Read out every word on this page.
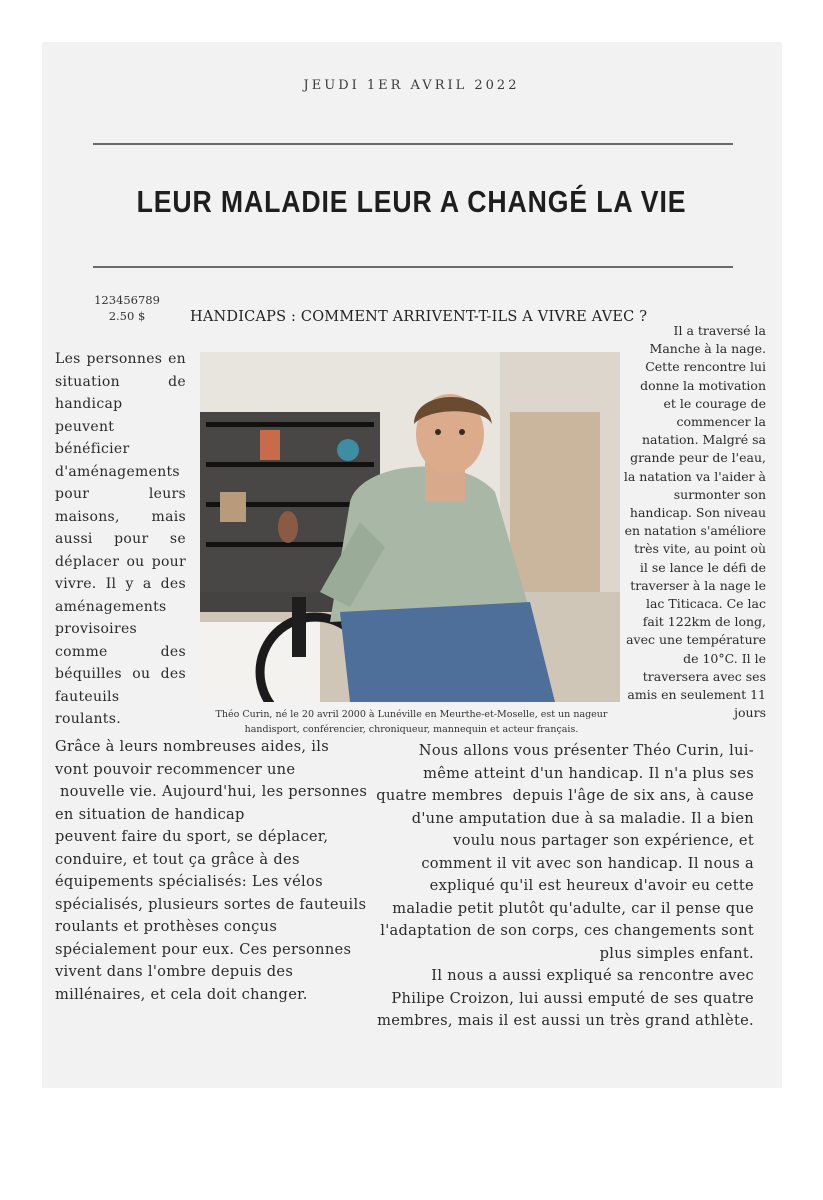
JEUDI 1ER AVRIL 2022
LEUR MALADIE LEUR A CHANGÉ LA VIE
123456789
2.50 $	HANDICAPS : COMMENT ARRIVENT-T-ILS A VIVRE AVEC ?
Les personnes en situation de handicap peuvent bénéficier d'aménagements pour leurs maisons, mais aussi pour se déplacer ou pour vivre. Il y a des aménagements provisoires comme des béquilles ou des fauteuils roulants.	Théo Curin, né le 20 avril 2000 à Lunéville en Meurthe-et-Moselle, est un nageur handisport, conférencier, chroniqueur, mannequin et acteur français.
Il a traversé la
Manche à la nage.
Cette rencontre lui
donne la motivation
et le courage de
commencer la
natation. Malgré sa
grande peur de l'eau,
la natation va l'aider à
surmonter son
handicap. Son niveau
en natation s'améliore
très vite, au point où
il se lance le défi de
traverser à la nage le
lac Titicaca. Ce lac
fait 122km de long,
avec une température
de 10°C. Il le
traversera avec ses
amis en seulement 11
jours
Grâce à leurs nombreuses aides, ils
vont pouvoir recommencer une
nouvelle vie. Aujourd'hui, les personnes
en situation de handicap
peuvent faire du sport, se déplacer,
conduire, et tout ça grâce à des
équipements spécialisés: Les vélos
spécialisés, plusieurs sortes de fauteuils
roulants et prothèses conçus
spécialement pour eux. Ces personnes
vivent dans l'ombre depuis des
millénaires, et cela doit changer.
Nous allons vous présenter Théo Curin, lui-
même atteint d'un handicap. Il n'a plus ses
quatre membres  depuis l'âge de six ans, à cause
d'une amputation due à sa maladie. Il a bien
voulu nous partager son expérience, et
comment il vit avec son handicap. Il nous a
expliqué qu'il est heureux d'avoir eu cette
maladie petit plutôt qu'adulte, car il pense que
l'adaptation de son corps, ces changements sont
plus simples enfant.
Il nous a aussi expliqué sa rencontre avec
Philipe Croizon, lui aussi emputé de ses quatre
membres, mais il est aussi un très grand athlète.
